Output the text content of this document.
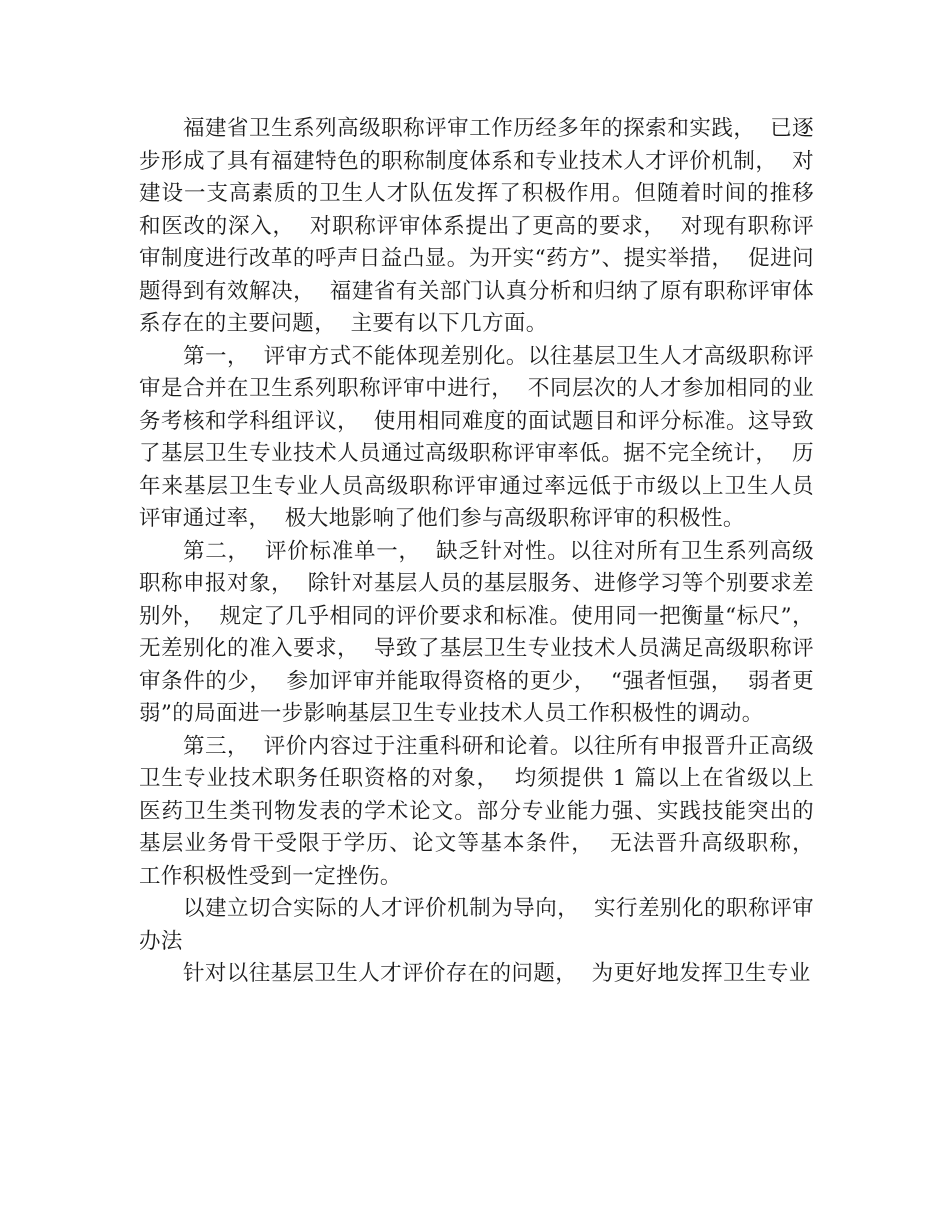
福建省卫生系列高级职称评审工作历经多年的探索和实践，  已逐步形成了具有福建特色的职称制度体系和专业技术人才评价机制，  对建设一支高素质的卫生人才队伍发挥了积极作用。但随着时间的推移和医改的深入，  对职称评审体系提出了更高的要求，  对现有职称评审制度进行改革的呼声日益凸显。为开实“药方”、提实举措，  促进问题得到有效解决，  福建省有关部门认真分析和归纳了原有职称评审体系存在的主要问题，  主要有以下几方面。

第一，  评审方式不能体现差别化。以往基层卫生人才高级职称评审是合并在卫生系列职称评审中进行，  不同层次的人才参加相同的业务考核和学科组评议，  使用相同难度的面试题目和评分标准。这导致了基层卫生专业技术人员通过高级职称评审率低。据不完全统计，  历年来基层卫生专业人员高级职称评审通过率远低于市级以上卫生人员评审通过率，  极大地影响了他们参与高级职称评审的积极性。

第二，  评价标准单一，  缺乏针对性。以往对所有卫生系列高级职称申报对象，  除针对基层人员的基层服务、进修学习等个别要求差别外，  规定了几乎相同的评价要求和标准。使用同一把衡量“标尺”，无差别化的准入要求，  导致了基层卫生专业技术人员满足高级职称评审条件的少，  参加评审并能取得资格的更少，  “强者恒强，  弱者更弱”的局面进一步影响基层卫生专业技术人员工作积极性的调动。

第三，  评价内容过于注重科研和论着。以往所有申报晋升正高级卫生专业技术职务任职资格的对象，  均须提供 1 篇以上在省级以上医药卫生类刊物发表的学术论文。部分专业能力强、实践技能突出的基层业务骨干受限于学历、论文等基本条件，  无法晋升高级职称，  工作积极性受到一定挫伤。

以建立切合实际的人才评价机制为导向，  实行差别化的职称评审办法

针对以往基层卫生人才评价存在的问题，  为更好地发挥卫生专业
